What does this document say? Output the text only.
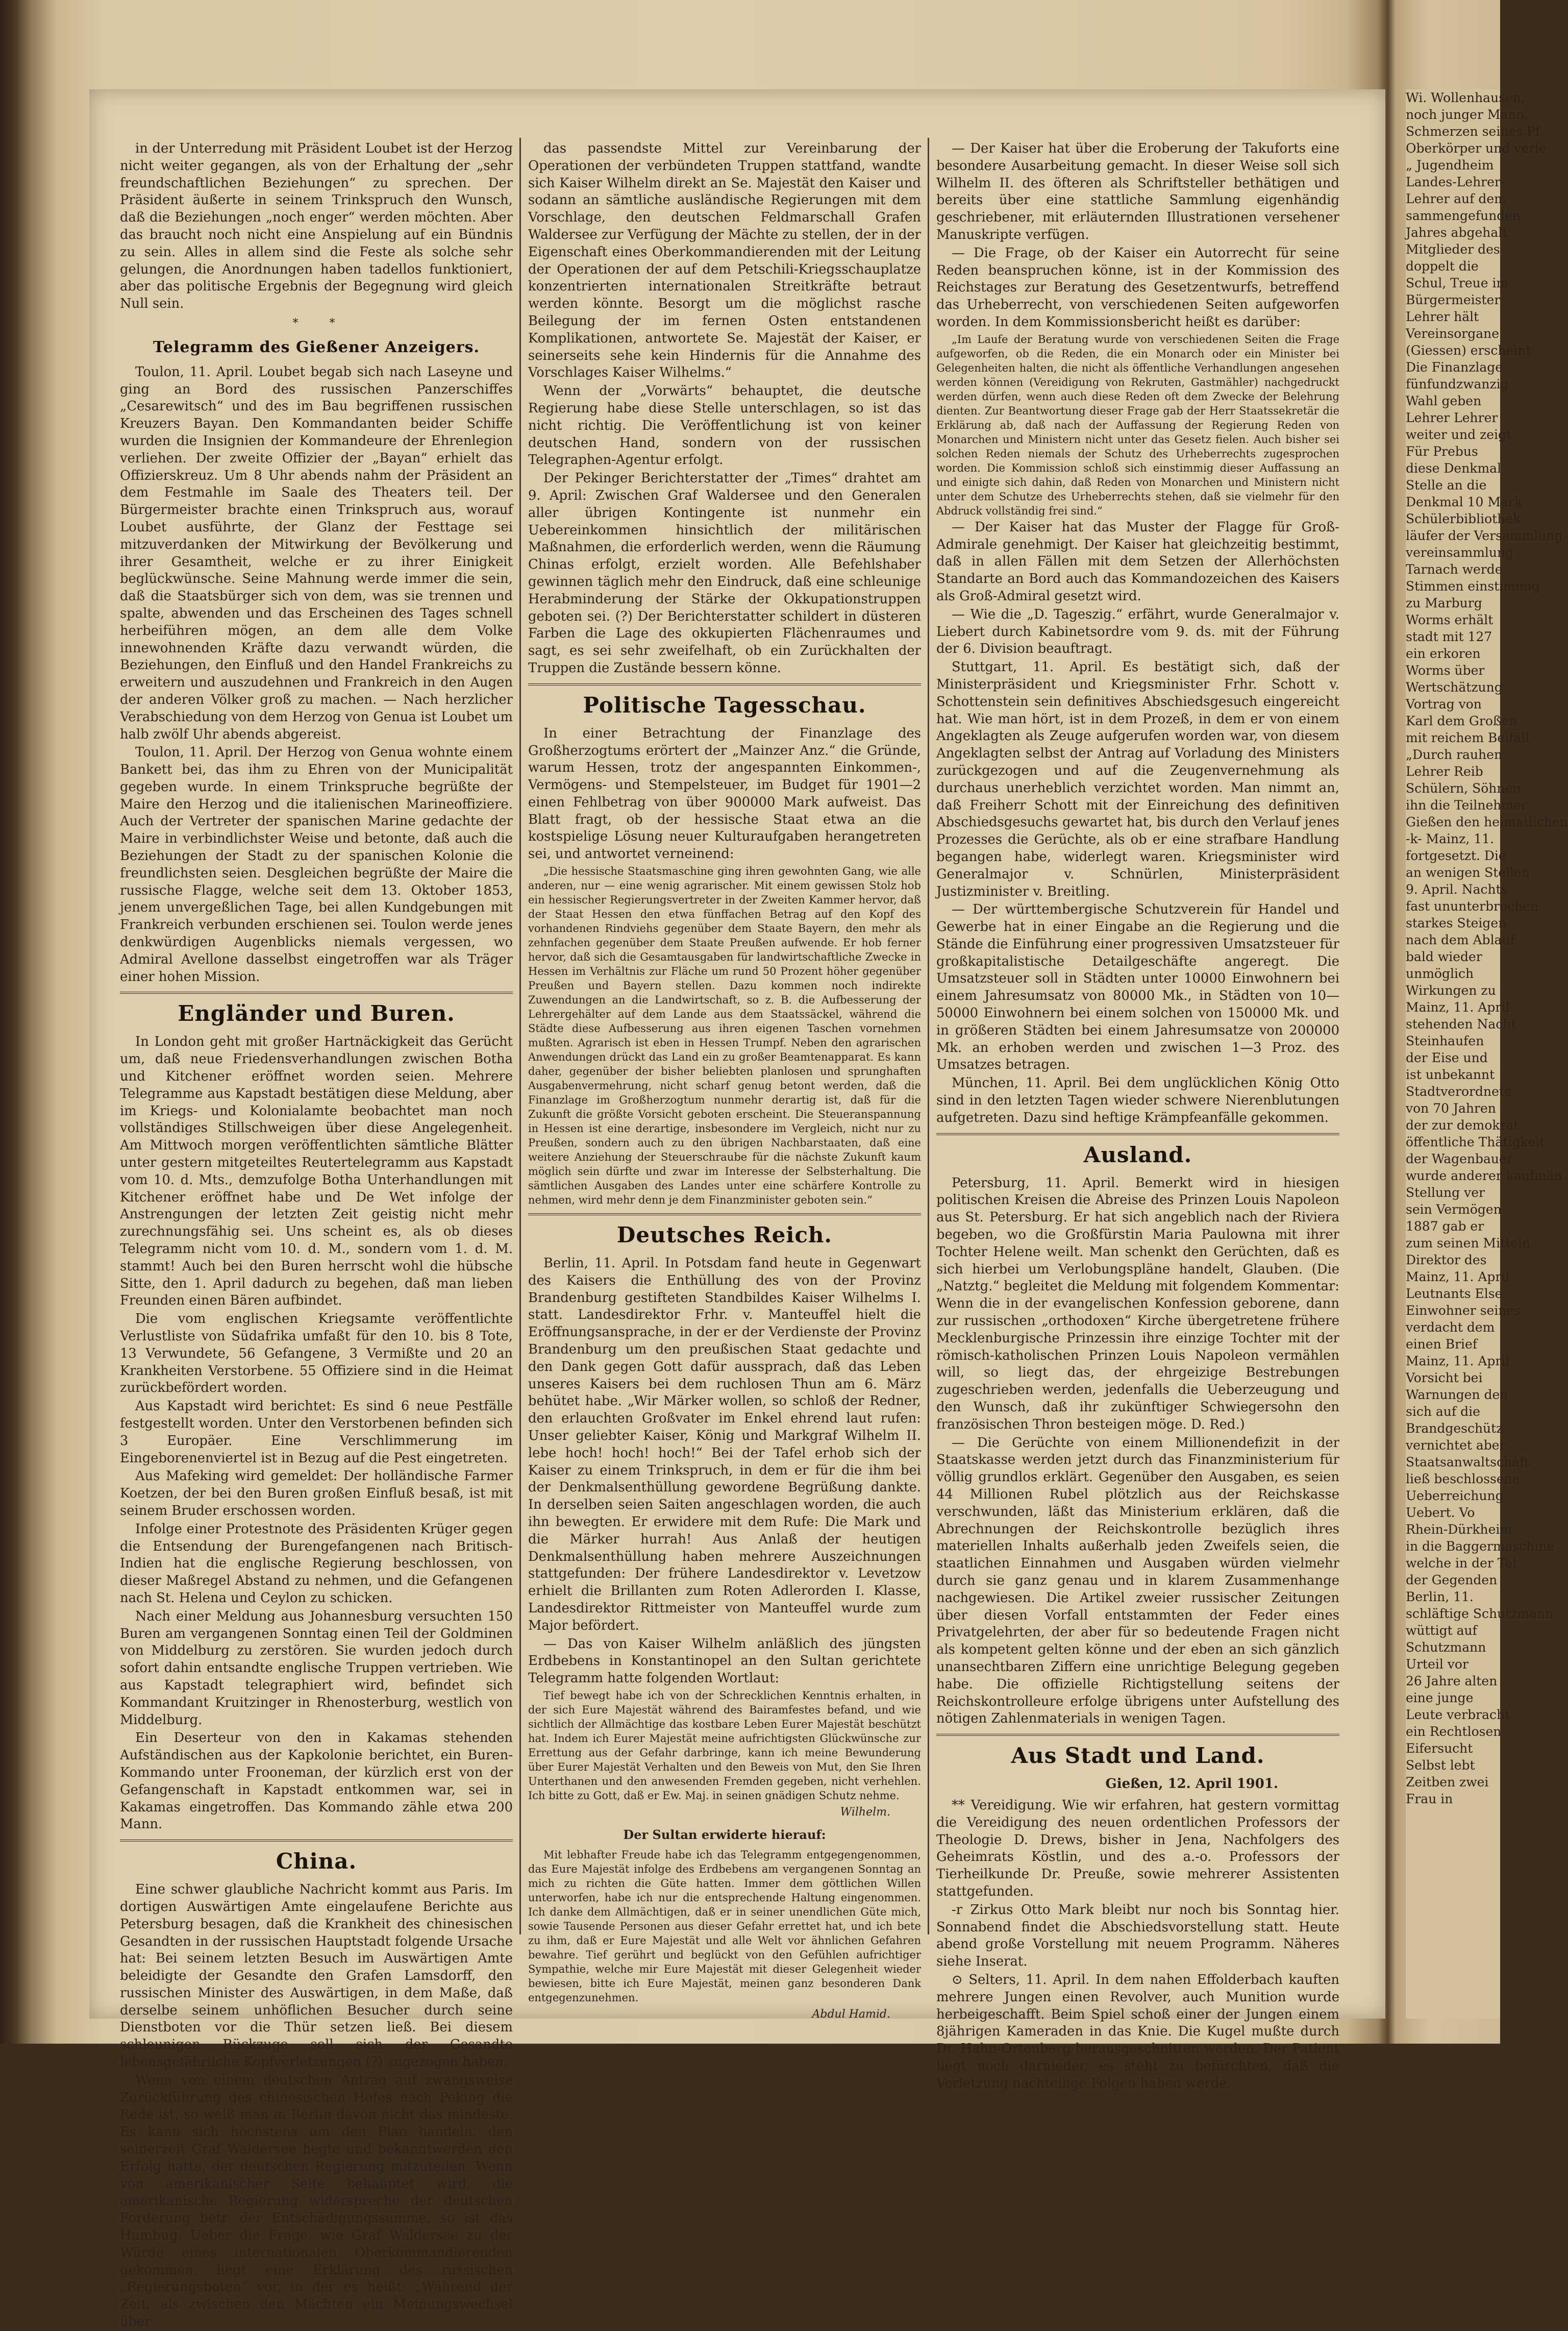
in der Unterredung mit Präsident Loubet ist der Herzog nicht weiter gegangen, als von der Erhaltung der „sehr freundschaftlichen Beziehungen“ zu sprechen. Der Präsident äußerte in seinem Trinkspruch den Wunsch, daß die Beziehungen „noch enger“ werden möchten. Aber das braucht noch nicht eine Anspielung auf ein Bündnis zu sein. Alles in allem sind die Feste als solche sehr gelungen, die Anordnungen haben tadellos funktioniert, aber das politische Ergebnis der Begegnung wird gleich Null sein.

*   *
Telegramm des Gießener Anzeigers.

Toulon, 11. April. Loubet begab sich nach Laseyne und ging an Bord des russischen Panzerschiffes „Cesarewitsch“ und des im Bau begriffenen russischen Kreuzers Bayan. Den Kommandanten beider Schiffe wurden die Insignien der Kommandeure der Ehrenlegion verliehen. Der zweite Offizier der „Bayan“ erhielt das Offizierskreuz. Um 8 Uhr abends nahm der Präsident an dem Festmahle im Saale des Theaters teil. Der Bürgermeister brachte einen Trinkspruch aus, worauf Loubet ausführte, der Glanz der Festtage sei mitzuverdanken der Mitwirkung der Bevölkerung und ihrer Gesamtheit, welche er zu ihrer Einigkeit beglückwünsche. Seine Mahnung werde immer die sein, daß die Staatsbürger sich von dem, was sie trennen und spalte, abwenden und das Erscheinen des Tages schnell herbeiführen mögen, an dem alle dem Volke innewohnenden Kräfte dazu verwandt würden, die Beziehungen, den Einfluß und den Handel Frankreichs zu erweitern und auszudehnen und Frankreich in den Augen der anderen Völker groß zu machen. — Nach herzlicher Verabschiedung von dem Herzog von Genua ist Loubet um halb zwölf Uhr abends abgereist.

Toulon, 11. April. Der Herzog von Genua wohnte einem Bankett bei, das ihm zu Ehren von der Municipalität gegeben wurde. In einem Trinkspruche begrüßte der Maire den Herzog und die italienischen Marineoffiziere. Auch der Vertreter der spanischen Marine gedachte der Maire in verbindlichster Weise und betonte, daß auch die Beziehungen der Stadt zu der spanischen Kolonie die freundlichsten seien. Desgleichen begrüßte der Maire die russische Flagge, welche seit dem 13. Oktober 1853, jenem unvergeßlichen Tage, bei allen Kundgebungen mit Frankreich verbunden erschienen sei. Toulon werde jenes denkwürdigen Augenblicks niemals vergessen, wo Admiral Avellone dasselbst eingetroffen war als Träger einer hohen Mission.

Engländer und Buren.

In London geht mit großer Hartnäckigkeit das Gerücht um, daß neue Friedensverhandlungen zwischen Botha und Kitchener eröffnet worden seien. Mehrere Telegramme aus Kapstadt bestätigen diese Meldung, aber im Kriegs- und Kolonialamte beobachtet man noch vollständiges Stillschweigen über diese Angelegenheit. Am Mittwoch morgen veröffentlichten sämtliche Blätter unter gestern mitgeteiltes Reutertelegramm aus Kapstadt vom 10. d. Mts., demzufolge Botha Unterhandlungen mit Kitchener eröffnet habe und De Wet infolge der Anstrengungen der letzten Zeit geistig nicht mehr zurechnungsfähig sei. Uns scheint es, als ob dieses Telegramm nicht vom 10. d. M., sondern vom 1. d. M. stammt! Auch bei den Buren herrscht wohl die hübsche Sitte, den 1. April dadurch zu begehen, daß man lieben Freunden einen Bären aufbindet.

Die vom englischen Kriegsamte veröffentlichte Verlustliste von Südafrika umfaßt für den 10. bis 8 Tote, 13 Verwundete, 56 Gefangene, 3 Vermißte und 20 an Krankheiten Verstorbene. 55 Offiziere sind in die Heimat zurückbefördert worden.

Aus Kapstadt wird berichtet: Es sind 6 neue Pestfälle festgestellt worden. Unter den Verstorbenen befinden sich 3 Europäer. Eine Verschlimmerung im Eingeborenenviertel ist in Bezug auf die Pest eingetreten.

Aus Mafeking wird gemeldet: Der holländische Farmer Koetzen, der bei den Buren großen Einfluß besaß, ist mit seinem Bruder erschossen worden.

Infolge einer Protestnote des Präsidenten Krüger gegen die Entsendung der Burengefangenen nach Britisch-Indien hat die englische Regierung beschlossen, von dieser Maßregel Abstand zu nehmen, und die Gefangenen nach St. Helena und Ceylon zu schicken.

Nach einer Meldung aus Johannesburg versuchten 150 Buren am vergangenen Sonntag einen Teil der Goldminen von Middelburg zu zerstören. Sie wurden jedoch durch sofort dahin entsandte englische Truppen vertrieben. Wie aus Kapstadt telegraphiert wird, befindet sich Kommandant Kruitzinger in Rhenosterburg, westlich von Middelburg.

Ein Deserteur von den in Kakamas stehenden Aufständischen aus der Kapkolonie berichtet, ein Buren-Kommando unter Frooneman, der kürzlich erst von der Gefangenschaft in Kapstadt entkommen war, sei in Kakamas eingetroffen. Das Kommando zähle etwa 200 Mann.

China.

Eine schwer glaubliche Nachricht kommt aus Paris. Im dortigen Auswärtigen Amte eingelaufene Berichte aus Petersburg besagen, daß die Krankheit des chinesischen Gesandten in der russischen Hauptstadt folgende Ursache hat: Bei seinem letzten Besuch im Auswärtigen Amte beleidigte der Gesandte den Grafen Lamsdorff, den russischen Minister des Auswärtigen, in dem Maße, daß derselbe seinem unhöflichen Besucher durch seine Dienstboten vor die Thür setzen ließ. Bei diesem schleunigen Rückzuge soll sich der Gesandte lebensgefährliche Kopfverletzungen (?) zugezogen haben.

Wenn von einem deutschen Antrag auf zwangsweise Zurückführung des chinesischen Hofes nach Peking die Rede ist, so weiß man in Berlin davon nicht das mindeste. Es kann sich höchstens um den Plan handeln, den seinerzeit Graf Waldersee hegte und bekanntwerden den Erfolg hatte, der deutschen Regierung mitzuteilen. Wenn von amerikanischer Seite behauptet wird, die amerikanische Regierung widerspreche der deutschen Forderung betr. der Entschädigungssumme, so ist das Humbug. Ueber die Frage, wie Graf Waldersee zu der Würde eines internationalen Oberkommandierenden gekommen, liegt eine Erklärung des russischen „Regierungsboten“ vor, in der es heißt: „Während der Zeit, als zwischen den Mächten ein Meinungswechsel über

das passendste Mittel zur Vereinbarung der Operationen der verbündeten Truppen stattfand, wandte sich Kaiser Wilhelm direkt an Se. Majestät den Kaiser und sodann an sämtliche ausländische Regierungen mit dem Vorschlage, den deutschen Feldmarschall Grafen Waldersee zur Verfügung der Mächte zu stellen, der in der Eigenschaft eines Oberkommandierenden mit der Leitung der Operationen der auf dem Petschili-Kriegsschauplatze konzentrierten internationalen Streitkräfte betraut werden könnte. Besorgt um die möglichst rasche Beilegung der im fernen Osten entstandenen Komplikationen, antwortete Se. Majestät der Kaiser, er seinerseits sehe kein Hindernis für die Annahme des Vorschlages Kaiser Wilhelms.“

Wenn der „Vorwärts“ behauptet, die deutsche Regierung habe diese Stelle unterschlagen, so ist das nicht richtig. Die Veröffentlichung ist von keiner deutschen Hand, sondern von der russischen Telegraphen-Agentur erfolgt.

Der Pekinger Berichterstatter der „Times“ drahtet am 9. April: Zwischen Graf Waldersee und den Generalen aller übrigen Kontingente ist nunmehr ein Uebereinkommen hinsichtlich der militärischen Maßnahmen, die erforderlich werden, wenn die Räumung Chinas erfolgt, erzielt worden. Alle Befehlshaber gewinnen täglich mehr den Eindruck, daß eine schleunige Herabminderung der Stärke der Okkupationstruppen geboten sei. (?) Der Berichterstatter schildert in düsteren Farben die Lage des okkupierten Flächenraumes und sagt, es sei sehr zweifelhaft, ob ein Zurückhalten der Truppen die Zustände bessern könne.

Politische Tagesschau.

In einer Betrachtung der Finanzlage des Großherzogtums erörtert der „Mainzer Anz.“ die Gründe, warum Hessen, trotz der angespannten Einkommen-, Vermögens- und Stempelsteuer, im Budget für 1901—2 einen Fehlbetrag von über 900000 Mark aufweist. Das Blatt fragt, ob der hessische Staat etwa an die kostspielige Lösung neuer Kulturaufgaben herangetreten sei, und antwortet verneinend:

„Die hessische Staatsmaschine ging ihren gewohnten Gang, wie alle anderen, nur — eine wenig agrarischer. Mit einem gewissen Stolz hob ein hessischer Regierungsvertreter in der Zweiten Kammer hervor, daß der Staat Hessen den etwa fünffachen Betrag auf den Kopf des vorhandenen Rindviehs gegenüber dem Staate Bayern, den mehr als zehnfachen gegenüber dem Staate Preußen aufwende. Er hob ferner hervor, daß sich die Gesamtausgaben für landwirtschaftliche Zwecke in Hessen im Verhältnis zur Fläche um rund 50 Prozent höher gegenüber Preußen und Bayern stellen. Dazu kommen noch indirekte Zuwendungen an die Landwirtschaft, so z. B. die Aufbesserung der Lehrergehälter auf dem Lande aus dem Staatssäckel, während die Städte diese Aufbesserung aus ihren eigenen Taschen vornehmen mußten. Agrarisch ist eben in Hessen Trumpf. Neben den agrarischen Anwendungen drückt das Land ein zu großer Beamtenapparat. Es kann daher, gegenüber der bisher beliebten planlosen und sprunghaften Ausgabenvermehrung, nicht scharf genug betont werden, daß die Finanzlage im Großherzogtum nunmehr derartig ist, daß für die Zukunft die größte Vorsicht geboten erscheint. Die Steueranspannung in Hessen ist eine derartige, insbesondere im Vergleich, nicht nur zu Preußen, sondern auch zu den übrigen Nachbarstaaten, daß eine weitere Anziehung der Steuerschraube für die nächste Zukunft kaum möglich sein dürfte und zwar im Interesse der Selbsterhaltung. Die sämtlichen Ausgaben des Landes unter eine schärfere Kontrolle zu nehmen, wird mehr denn je dem Finanzminister geboten sein.“

Deutsches Reich.

Berlin, 11. April. In Potsdam fand heute in Gegenwart des Kaisers die Enthüllung des von der Provinz Brandenburg gestifteten Standbildes Kaiser Wilhelms I. statt. Landesdirektor Frhr. v. Manteuffel hielt die Eröffnungsansprache, in der er der Verdienste der Provinz Brandenburg um den preußischen Staat gedachte und den Dank gegen Gott dafür aussprach, daß das Leben unseres Kaisers bei dem ruchlosen Thun am 6. März behütet habe. „Wir Märker wollen, so schloß der Redner, den erlauchten Großvater im Enkel ehrend laut rufen: Unser geliebter Kaiser, König und Markgraf Wilhelm II. lebe hoch! hoch! hoch!“ Bei der Tafel erhob sich der Kaiser zu einem Trinkspruch, in dem er für die ihm bei der Denkmalsenthüllung gewordene Begrüßung dankte. In derselben seien Saiten angeschlagen worden, die auch ihn bewegten. Er erwidere mit dem Rufe: Die Mark und die Märker hurrah! Aus Anlaß der heutigen Denkmalsenthüllung haben mehrere Auszeichnungen stattgefunden: Der frühere Landesdirektor v. Levetzow erhielt die Brillanten zum Roten Adlerorden I. Klasse, Landesdirektor Rittmeister von Manteuffel wurde zum Major befördert.

— Das von Kaiser Wilhelm anläßlich des jüngsten Erdbebens in Konstantinopel an den Sultan gerichtete Telegramm hatte folgenden Wortlaut:

Tief bewegt habe ich von der Schrecklichen Kenntnis erhalten, in der sich Eure Majestät während des Bairamfestes befand, und wie sichtlich der Allmächtige das kostbare Leben Eurer Majestät beschützt hat. Indem ich Eurer Majestät meine aufrichtigsten Glückwünsche zur Errettung aus der Gefahr darbringe, kann ich meine Bewunderung über Eurer Majestät Verhalten und den Beweis von Mut, den Sie Ihren Unterthanen und den anwesenden Fremden gegeben, nicht verhehlen. Ich bitte zu Gott, daß er Ew. Maj. in seinen gnädigen Schutz nehme.

Wilhelm.
Der Sultan erwiderte hierauf:

Mit lebhafter Freude habe ich das Telegramm entgegengenommen, das Eure Majestät infolge des Erdbebens am vergangenen Sonntag an mich zu richten die Güte hatten. Immer dem göttlichen Willen unterworfen, habe ich nur die entsprechende Haltung eingenommen. Ich danke dem Allmächtigen, daß er in seiner unendlichen Güte mich, sowie Tausende Personen aus dieser Gefahr errettet hat, und ich bete zu ihm, daß er Eure Majestät und alle Welt vor ähnlichen Gefahren bewahre. Tief gerührt und beglückt von den Gefühlen aufrichtiger Sympathie, welche mir Eure Majestät mit dieser Gelegenheit wieder bewiesen, bitte ich Eure Majestät, meinen ganz besonderen Dank entgegenzunehmen.

Abdul Hamid.

— Der Kaiser hat über die Eroberung der Takuforts eine besondere Ausarbeitung gemacht. In dieser Weise soll sich Wilhelm II. des öfteren als Schriftsteller bethätigen und bereits über eine stattliche Sammlung eigenhändig geschriebener, mit erläuternden Illustrationen versehener Manuskripte verfügen.

— Die Frage, ob der Kaiser ein Autorrecht für seine Reden beanspruchen könne, ist in der Kommission des Reichstages zur Beratung des Gesetzentwurfs, betreffend das Urheberrecht, von verschiedenen Seiten aufgeworfen worden. In dem Kommissionsbericht heißt es darüber:

„Im Laufe der Beratung wurde von verschiedenen Seiten die Frage aufgeworfen, ob die Reden, die ein Monarch oder ein Minister bei Gelegenheiten halten, die nicht als öffentliche Verhandlungen angesehen werden können (Vereidigung von Rekruten, Gastmähler) nachgedruckt werden dürfen, wenn auch diese Reden oft dem Zwecke der Belehrung dienten. Zur Beantwortung dieser Frage gab der Herr Staatssekretär die Erklärung ab, daß nach der Auffassung der Regierung Reden von Monarchen und Ministern nicht unter das Gesetz fielen. Auch bisher sei solchen Reden niemals der Schutz des Urheberrechts zugesprochen worden. Die Kommission schloß sich einstimmig dieser Auffassung an und einigte sich dahin, daß Reden von Monarchen und Ministern nicht unter dem Schutze des Urheberrechts stehen, daß sie vielmehr für den Abdruck vollständig frei sind.“

— Der Kaiser hat das Muster der Flagge für Groß-Admirale genehmigt. Der Kaiser hat gleichzeitig bestimmt, daß in allen Fällen mit dem Setzen der Allerhöchsten Standarte an Bord auch das Kommandozeichen des Kaisers als Groß-Admiral gesetzt wird.

— Wie die „D. Tageszig.“ erfährt, wurde Generalmajor v. Liebert durch Kabinetsordre vom 9. ds. mit der Führung der 6. Division beauftragt.

Stuttgart, 11. April. Es bestätigt sich, daß der Ministerpräsident und Kriegsminister Frhr. Schott v. Schottenstein sein definitives Abschiedsgesuch eingereicht hat. Wie man hört, ist in dem Prozeß, in dem er von einem Angeklagten als Zeuge aufgerufen worden war, von diesem Angeklagten selbst der Antrag auf Vorladung des Ministers zurückgezogen und auf die Zeugenvernehmung als durchaus unerheblich verzichtet worden. Man nimmt an, daß Freiherr Schott mit der Einreichung des definitiven Abschiedsgesuchs gewartet hat, bis durch den Verlauf jenes Prozesses die Gerüchte, als ob er eine strafbare Handlung begangen habe, widerlegt waren. Kriegsminister wird Generalmajor v. Schnürlen, Ministerpräsident Justizminister v. Breitling.

— Der württembergische Schutzverein für Handel und Gewerbe hat in einer Eingabe an die Regierung und die Stände die Einführung einer progressiven Umsatzsteuer für großkapitalistische Detailgeschäfte angeregt. Die Umsatzsteuer soll in Städten unter 10000 Einwohnern bei einem Jahresumsatz von 80000 Mk., in Städten von 10—50000 Einwohnern bei einem solchen von 150000 Mk. und in größeren Städten bei einem Jahresumsatze von 200000 Mk. an erhoben werden und zwischen 1—3 Proz. des Umsatzes betragen.

München, 11. April. Bei dem unglücklichen König Otto sind in den letzten Tagen wieder schwere Nierenblutungen aufgetreten. Dazu sind heftige Krämpfeanfälle gekommen.

Ausland.

Petersburg, 11. April. Bemerkt wird in hiesigen politischen Kreisen die Abreise des Prinzen Louis Napoleon aus St. Petersburg. Er hat sich angeblich nach der Riviera begeben, wo die Großfürstin Maria Paulowna mit ihrer Tochter Helene weilt. Man schenkt den Gerüchten, daß es sich hierbei um Verlobungspläne handelt, Glauben. (Die „Natztg.“ begleitet die Meldung mit folgendem Kommentar: Wenn die in der evangelischen Konfession geborene, dann zur russischen „orthodoxen“ Kirche übergetretene frühere Mecklenburgische Prinzessin ihre einzige Tochter mit der römisch-katholischen Prinzen Louis Napoleon vermählen will, so liegt das, der ehrgeizige Bestrebungen zugeschrieben werden, jedenfalls die Ueberzeugung und den Wunsch, daß ihr zukünftiger Schwiegersohn den französischen Thron besteigen möge. D. Red.)

— Die Gerüchte von einem Millionendefizit in der Staatskasse werden jetzt durch das Finanzministerium für völlig grundlos erklärt. Gegenüber den Ausgaben, es seien 44 Millionen Rubel plötzlich aus der Reichskasse verschwunden, läßt das Ministerium erklären, daß die Abrechnungen der Reichskontrolle bezüglich ihres materiellen Inhalts außerhalb jeden Zweifels seien, die staatlichen Einnahmen und Ausgaben würden vielmehr durch sie ganz genau und in klarem Zusammenhange nachgewiesen. Die Artikel zweier russischer Zeitungen über diesen Vorfall entstammten der Feder eines Privatgelehrten, der aber für so bedeutende Fragen nicht als kompetent gelten könne und der eben an sich gänzlich unansechtbaren Ziffern eine unrichtige Belegung gegeben habe. Die offizielle Richtigstellung seitens der Reichskontrolleure erfolge übrigens unter Aufstellung des nötigen Zahlenmaterials in wenigen Tagen.

Aus Stadt und Land.
Gießen, 12. April 1901.

** Vereidigung. Wie wir erfahren, hat gestern vormittag die Vereidigung des neuen ordentlichen Professors der Theologie D. Drews, bisher in Jena, Nachfolgers des Geheimrats Köstlin, und des a.-o. Professors der Tierheilkunde Dr. Preuße, sowie mehrerer Assistenten stattgefunden.

-r Zirkus Otto Mark bleibt nur noch bis Sonntag hier. Sonnabend findet die Abschiedsvorstellung statt. Heute abend große Vorstellung mit neuem Programm. Näheres siehe Inserat.

⊙ Selters, 11. April. In dem nahen Effolderbach kauften mehrere Jungen einen Revolver, auch Munition wurde herbeigeschafft. Beim Spiel schoß einer der Jungen einem 8jährigen Kameraden in das Knie. Die Kugel mußte durch Dr. Hahn-Ortenberg herausgeschnitten werden. Der Patient liegt noch darnieder, es steht zu befürchten, daß die Verletzung nachteilige Folgen haben werde.

Wi. Wollenhausen,
noch junger Mann,
Schmerzen seines Pf
Oberkörper und verle
„ Jugendheim
Landes-Lehrer-
Lehrer auf dem
sammengefunden
Jahres abgehalt
Mitglieder des
doppelt die
Schul, Treue im
Bürgermeister
Lehrer hält
Vereinsorgane
(Giessen) erscheint
Die Finanzlage
fünfundzwanzig
Wahl geben
Lehrer Lehrer
weiter und zeigt
Für Prebus
diese Denkmal
Stelle an die
Denkmal 10 Mark
Schülerbibliothek
läufer der Versammlung
vereinsammlung
Tarnach werde
Stimmen einstimmig
zu Marburg
Worms erhält
stadt mit 127
ein erkoren
Worms über
Wertschätzung
Vortrag von
Karl dem Großen
mit reichem Beifall
„Durch rauhen
Lehrer Reib
Schülern, Söhnen
ihn die Teilnehmer
Gießen den heimatlichen
-k- Mainz, 11.
fortgesetzt. Die
an wenigen Stellen
9. April. Nachts
fast ununterbrochen
starkes Steigen
nach dem Ablauf
bald wieder
unmöglich
Wirkungen zu
Mainz, 11. April
stehenden Nacht
Steinhaufen
der Eise und
ist unbekannt
Stadtverordnete
von 70 Jahren
der zur demokrat
öffentliche Thätigkeit
der Wagenbauer
wurde anderer kaufmän
Stellung ver
sein Vermögen
1887 gab er
zum seinen Mitteln
Direktor des
Mainz, 11. April
Leutnants Else
Einwohner seines
verdacht dem
einen Brief
Mainz, 11. April
Vorsicht bei
Warnungen den
sich auf die
Brandgeschütz
vernichtet aber
Staatsanwaltschaft
ließ beschlossene
Ueberreichung
Uebert. Vo
Rhein-Dürkheim
in die Baggermaschine
welche in der Tat
der Gegenden
Berlin, 11.
schläftige Schutzmann
wüttigt auf
Schutzmann
Urteil vor
26 Jahre alten
eine junge
Leute verbracht
ein Rechtlosen
Eifersucht
Selbst lebt
Zeitben zwei
Frau in
